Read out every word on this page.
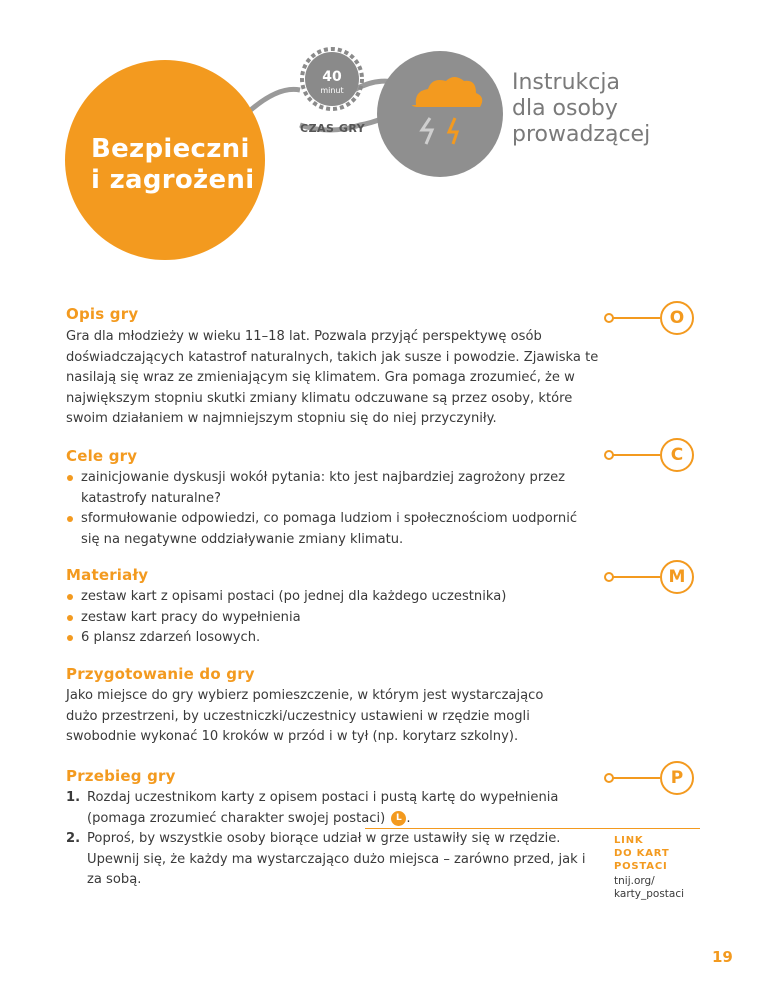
Bezpieczni
i zagrożeni
40
minut
CZAS GRY
Instrukcja
dla osoby
prowadzącej
Opis gry	O
Gra dla młodzieży w wieku 11–18 lat. Pozwala przyjąć perspektywę osób doświadczających katastrof naturalnych, takich jak susze i powodzie. Zjawiska te nasilają się wraz ze zmieniającym się klimatem. Gra pomaga zrozumieć, że w największym stopniu skutki zmiany klimatu odczuwane są przez osoby, które swoim działaniem w najmniejszym stopniu się do niej przyczyniły.
Cele gry	C
zainicjowanie dyskusji wokół pytania: kto jest najbardziej zagrożony przez katastrofy naturalne?
sformułowanie odpowiedzi, co pomaga ludziom i społecznościom uodpornić się na negatywne oddziaływanie zmiany klimatu.
Materiały	M
zestaw kart z opisami postaci (po jednej dla każdego uczestnika)
zestaw kart pracy do wypełnienia
6 plansz zdarzeń losowych.
Przygotowanie do gry
Jako miejsce do gry wybierz pomieszczenie, w którym jest wystarczająco dużo przestrzeni, by uczestniczki/uczestnicy ustawieni w rzędzie mogli swobodnie wykonać 10 kroków w przód i w tył (np. korytarz szkolny).
Przebieg gry	P
1. Rozdaj uczestnikom karty z opisem postaci i pustą kartę do wypełnienia (pomaga zrozumieć charakter swojej postaci) L .
2. Poproś, by wszystkie osoby biorące udział w grze ustawiły się w rzędzie. Upewnij się, że każdy ma wystarczająco dużo miejsca – zarówno przed, jak i za sobą.
LINK
DO KART
POSTACI
tnij.org/
karty_postaci
19
